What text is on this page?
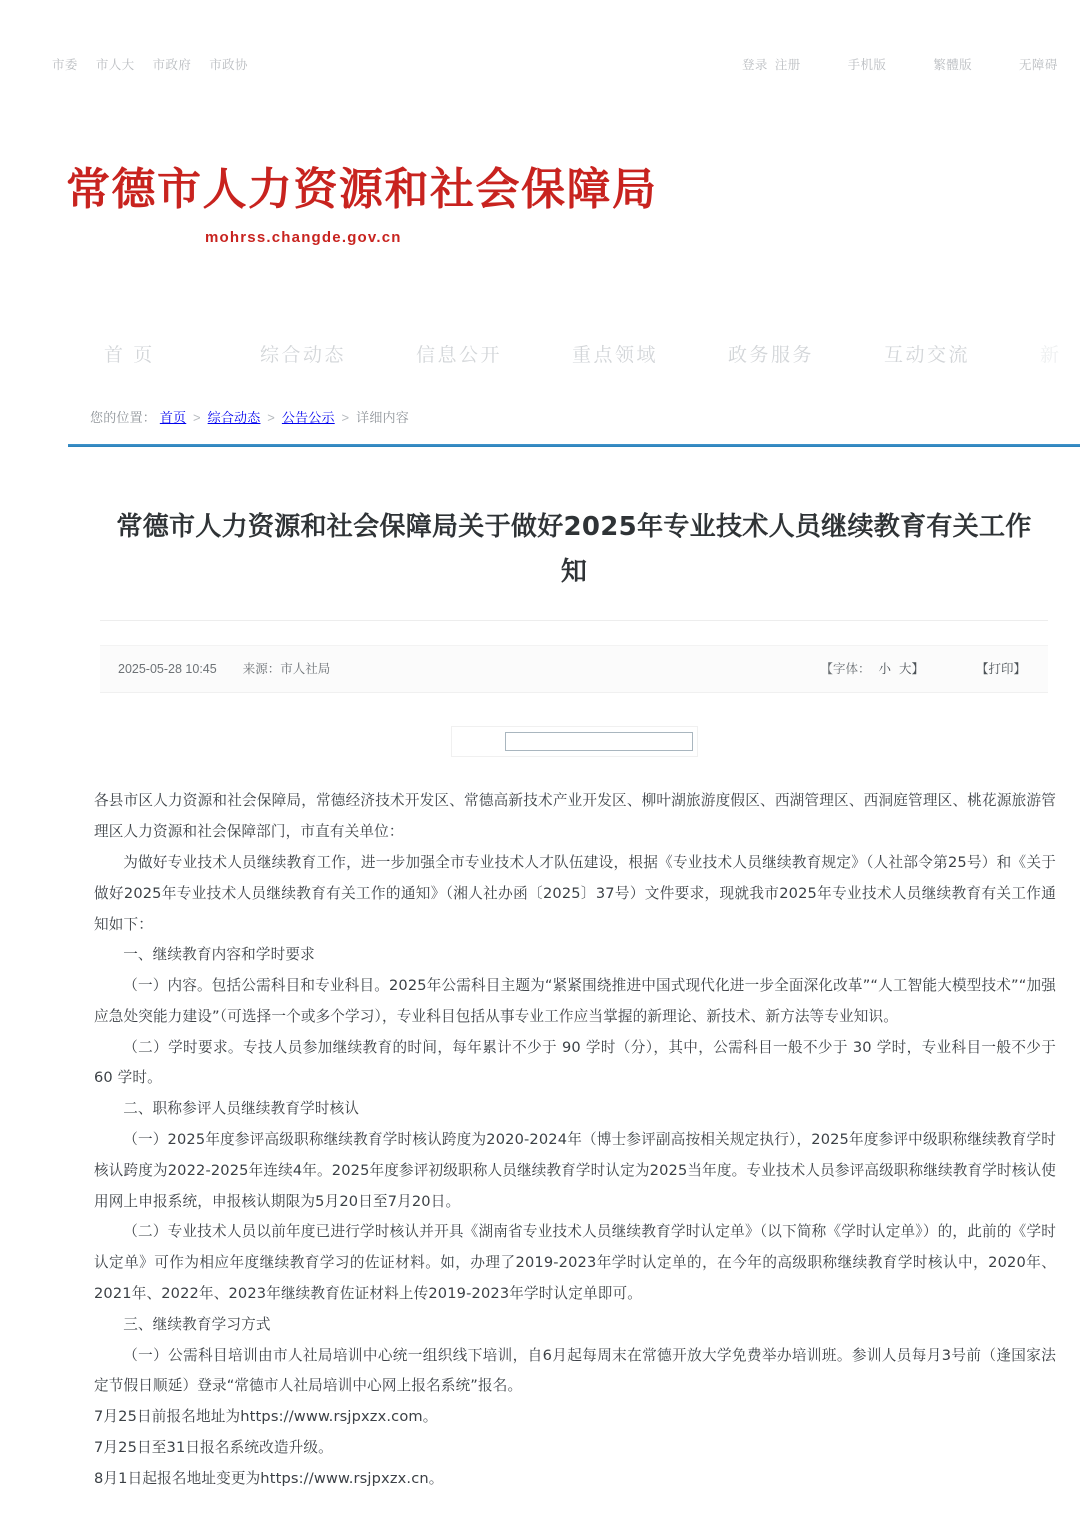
市委 市人大 市政府 市政协	登录 注册	手机版	繁體版	无障碍
常德市人力资源和社会保障局
mohrss.changde.gov.cn
请输入检索关键字
首 页	综合动态	信息公开	重点领域	政务服务	互动交流	新
您的位置： 首页 > 综合动态 > 公告公示 > 详细内容
常德市人力资源和社会保障局关于做好2025年专业技术人员继续教育有关工作
知
2025-05-28 10:45 来源：市人社局	【字体： 小 大】	【打印】

各县市区人力资源和社会保障局，常德经济技术开发区、常德高新技术产业开发区、柳叶湖旅游度假区、西湖管理区、西洞庭管理区、桃花源旅游管理区人力资源和社会保障部门，市直有关单位：

为做好专业技术人员继续教育工作，进一步加强全市专业技术人才队伍建设，根据《专业技术人员继续教育规定》（人社部令第25号）和《关于做好2025年专业技术人员继续教育有关工作的通知》（湘人社办函〔2025〕37号）文件要求，现就我市2025年专业技术人员继续教育有关工作通知如下：

一、继续教育内容和学时要求

（一）内容。包括公需科目和专业科目。2025年公需科目主题为“紧紧围绕推进中国式现代化进一步全面深化改革”“人工智能大模型技术”“加强应急处突能力建设”（可选择一个或多个学习），专业科目包括从事专业工作应当掌握的新理论、新技术、新方法等专业知识。

（二）学时要求。专技人员参加继续教育的时间，每年累计不少于 90 学时（分），其中，公需科目一般不少于 30 学时，专业科目一般不少于 60 学时。

二、职称参评人员继续教育学时核认

（一）2025年度参评高级职称继续教育学时核认跨度为2020-2024年（博士参评副高按相关规定执行），2025年度参评中级职称继续教育学时核认跨度为2022-2025年连续4年。2025年度参评初级职称人员继续教育学时认定为2025当年度。专业技术人员参评高级职称继续教育学时核认使用网上申报系统，申报核认期限为5月20日至7月20日。

（二）专业技术人员以前年度已进行学时核认并开具《湖南省专业技术人员继续教育学时认定单》（以下简称《学时认定单》）的，此前的《学时认定单》可作为相应年度继续教育学习的佐证材料。如，办理了2019-2023年学时认定单的，在今年的高级职称继续教育学时核认中，2020年、2021年、2022年、2023年继续教育佐证材料上传2019-2023年学时认定单即可。

三、继续教育学习方式

（一）公需科目培训由市人社局培训中心统一组织线下培训，自6月起每周末在常德开放大学免费举办培训班。参训人员每月3号前（逢国家法定节假日顺延）登录“常德市人社局培训中心网上报名系统”报名。

7月25日前报名地址为https://www.rsjpxzx.com。

7月25日至31日报名系统改造升级。

8月1日起报名地址变更为https://www.rsjpxzx.cn。
